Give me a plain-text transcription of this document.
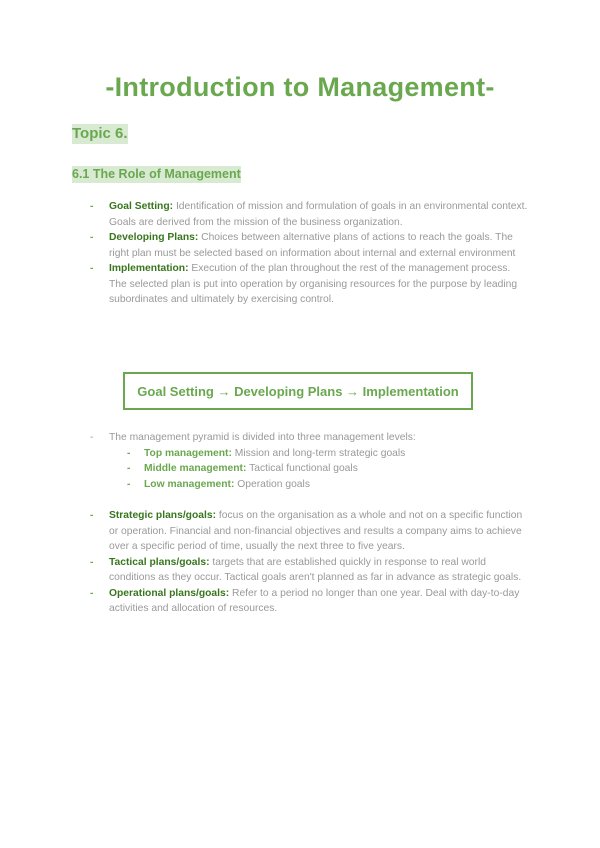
-Introduction to Management-
Topic 6.
6.1 The Role of Management
- Goal Setting: Identification of mission and formulation of goals in an environmental context. Goals are derived from the mission of the business organization.
- Developing Plans: Choices between alternative plans of actions to reach the goals. The right plan must be selected based on information about internal and external environment
- Implementation: Execution of the plan throughout the rest of the management process. The selected plan is put into operation by organising resources for the purpose by leading subordinates and ultimately by exercising control.
Goal Setting → Developing Plans → Implementation
- The management pyramid is divided into three management levels:
- Top management: Mission and long-term strategic goals
- Middle management: Tactical functional goals
- Low management: Operation goals
- Strategic plans/goals: focus on the organisation as a whole and not on a specific function or operation. Financial and non-financial objectives and results a company aims to achieve over a specific period of time, usually the next three to five years.
- Tactical plans/goals: targets that are established quickly in response to real world conditions as they occur. Tactical goals aren't planned as far in advance as strategic goals.
- Operational plans/goals: Refer to a period no longer than one year. Deal with day-to-day activities and allocation of resources.
